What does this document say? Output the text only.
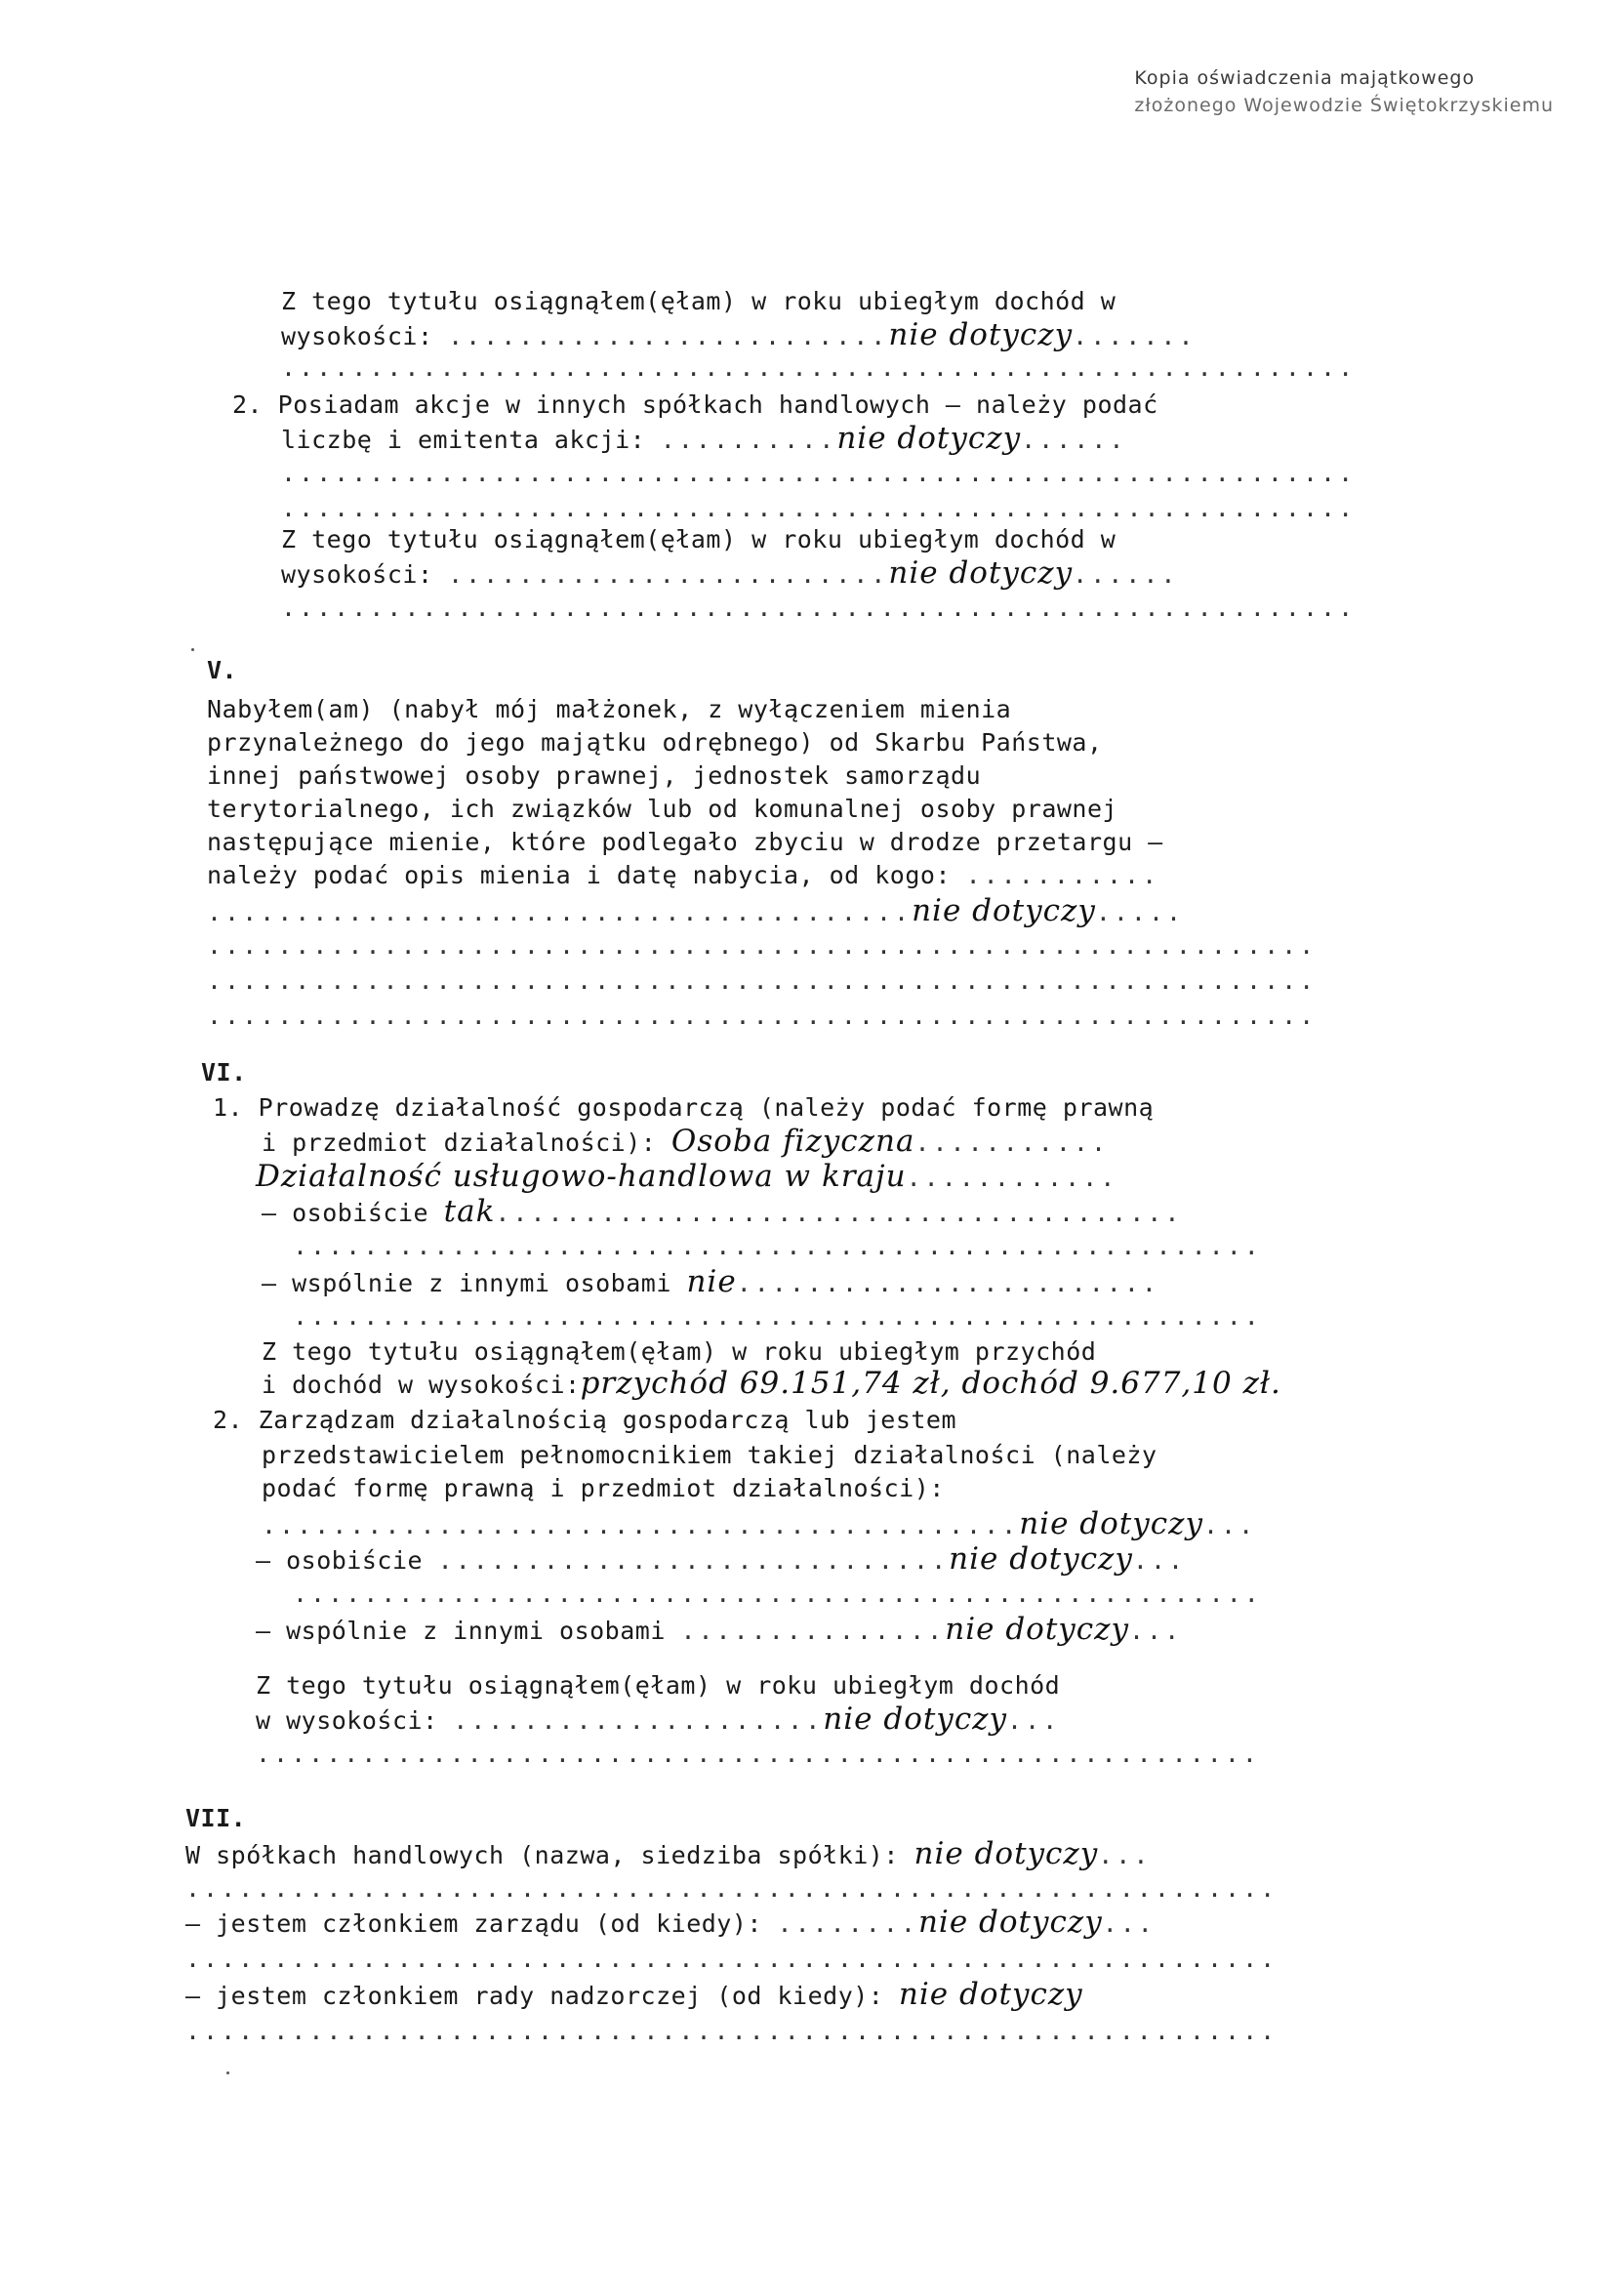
Kopia oświadczenia majątkowego
złożonego Wojewodzie Świętokrzyskiemu
Z tego tytułu osiągnąłem(ęłam) w roku ubiegłym dochód w
wysokości: .........................nie dotyczy.......
.............................................................
2. Posiadam akcje w innych spółkach handlowych – należy podać
liczbę i emitenta akcji: ..........nie dotyczy......
.............................................................
.............................................................
Z tego tytułu osiągnąłem(ęłam) w roku ubiegłym dochód w
wysokości: .........................nie dotyczy......
.............................................................
V.
Nabyłem(am) (nabył mój małżonek, z wyłączeniem mienia
przynależnego do jego majątku odrębnego) od Skarbu Państwa,
innej państwowej osoby prawnej, jednostek samorządu
terytorialnego, ich związków lub od komunalnej osoby prawnej
następujące mienie, które podlegało zbyciu w drodze przetargu –
należy podać opis mienia i datę nabycia, od kogo: ...........
........................................nie dotyczy.....
...............................................................
...............................................................
...............................................................
VI.
1. Prowadzę działalność gospodarczą (należy podać formę prawną
i przedmiot działalności): Osoba fizyczna...........
Działalność usługowo-handlowa w kraju............
– osobiście tak.......................................
.......................................................
– wspólnie z innymi osobami nie........................
.......................................................
Z tego tytułu osiągnąłem(ęłam) w roku ubiegłym przychód
i dochód w wysokości:przychód 69.151,74 zł, dochód 9.677,10 zł.
2. Zarządzam działalnością gospodarczą lub jestem
przedstawicielem pełnomocnikiem takiej działalności (należy
podać formę prawną i przedmiot działalności):
...........................................nie dotyczy...
– osobiście .............................nie dotyczy...
.......................................................
– wspólnie z innymi osobami ...............nie dotyczy...
Z tego tytułu osiągnąłem(ęłam) w roku ubiegłym dochód
w wysokości: .....................nie dotyczy...
.........................................................
VII.
W spółkach handlowych (nazwa, siedziba spółki): nie dotyczy...
..............................................................
– jestem członkiem zarządu (od kiedy): ........nie dotyczy...
..............................................................
– jestem członkiem rady nadzorczej (od kiedy): nie dotyczy
..............................................................
